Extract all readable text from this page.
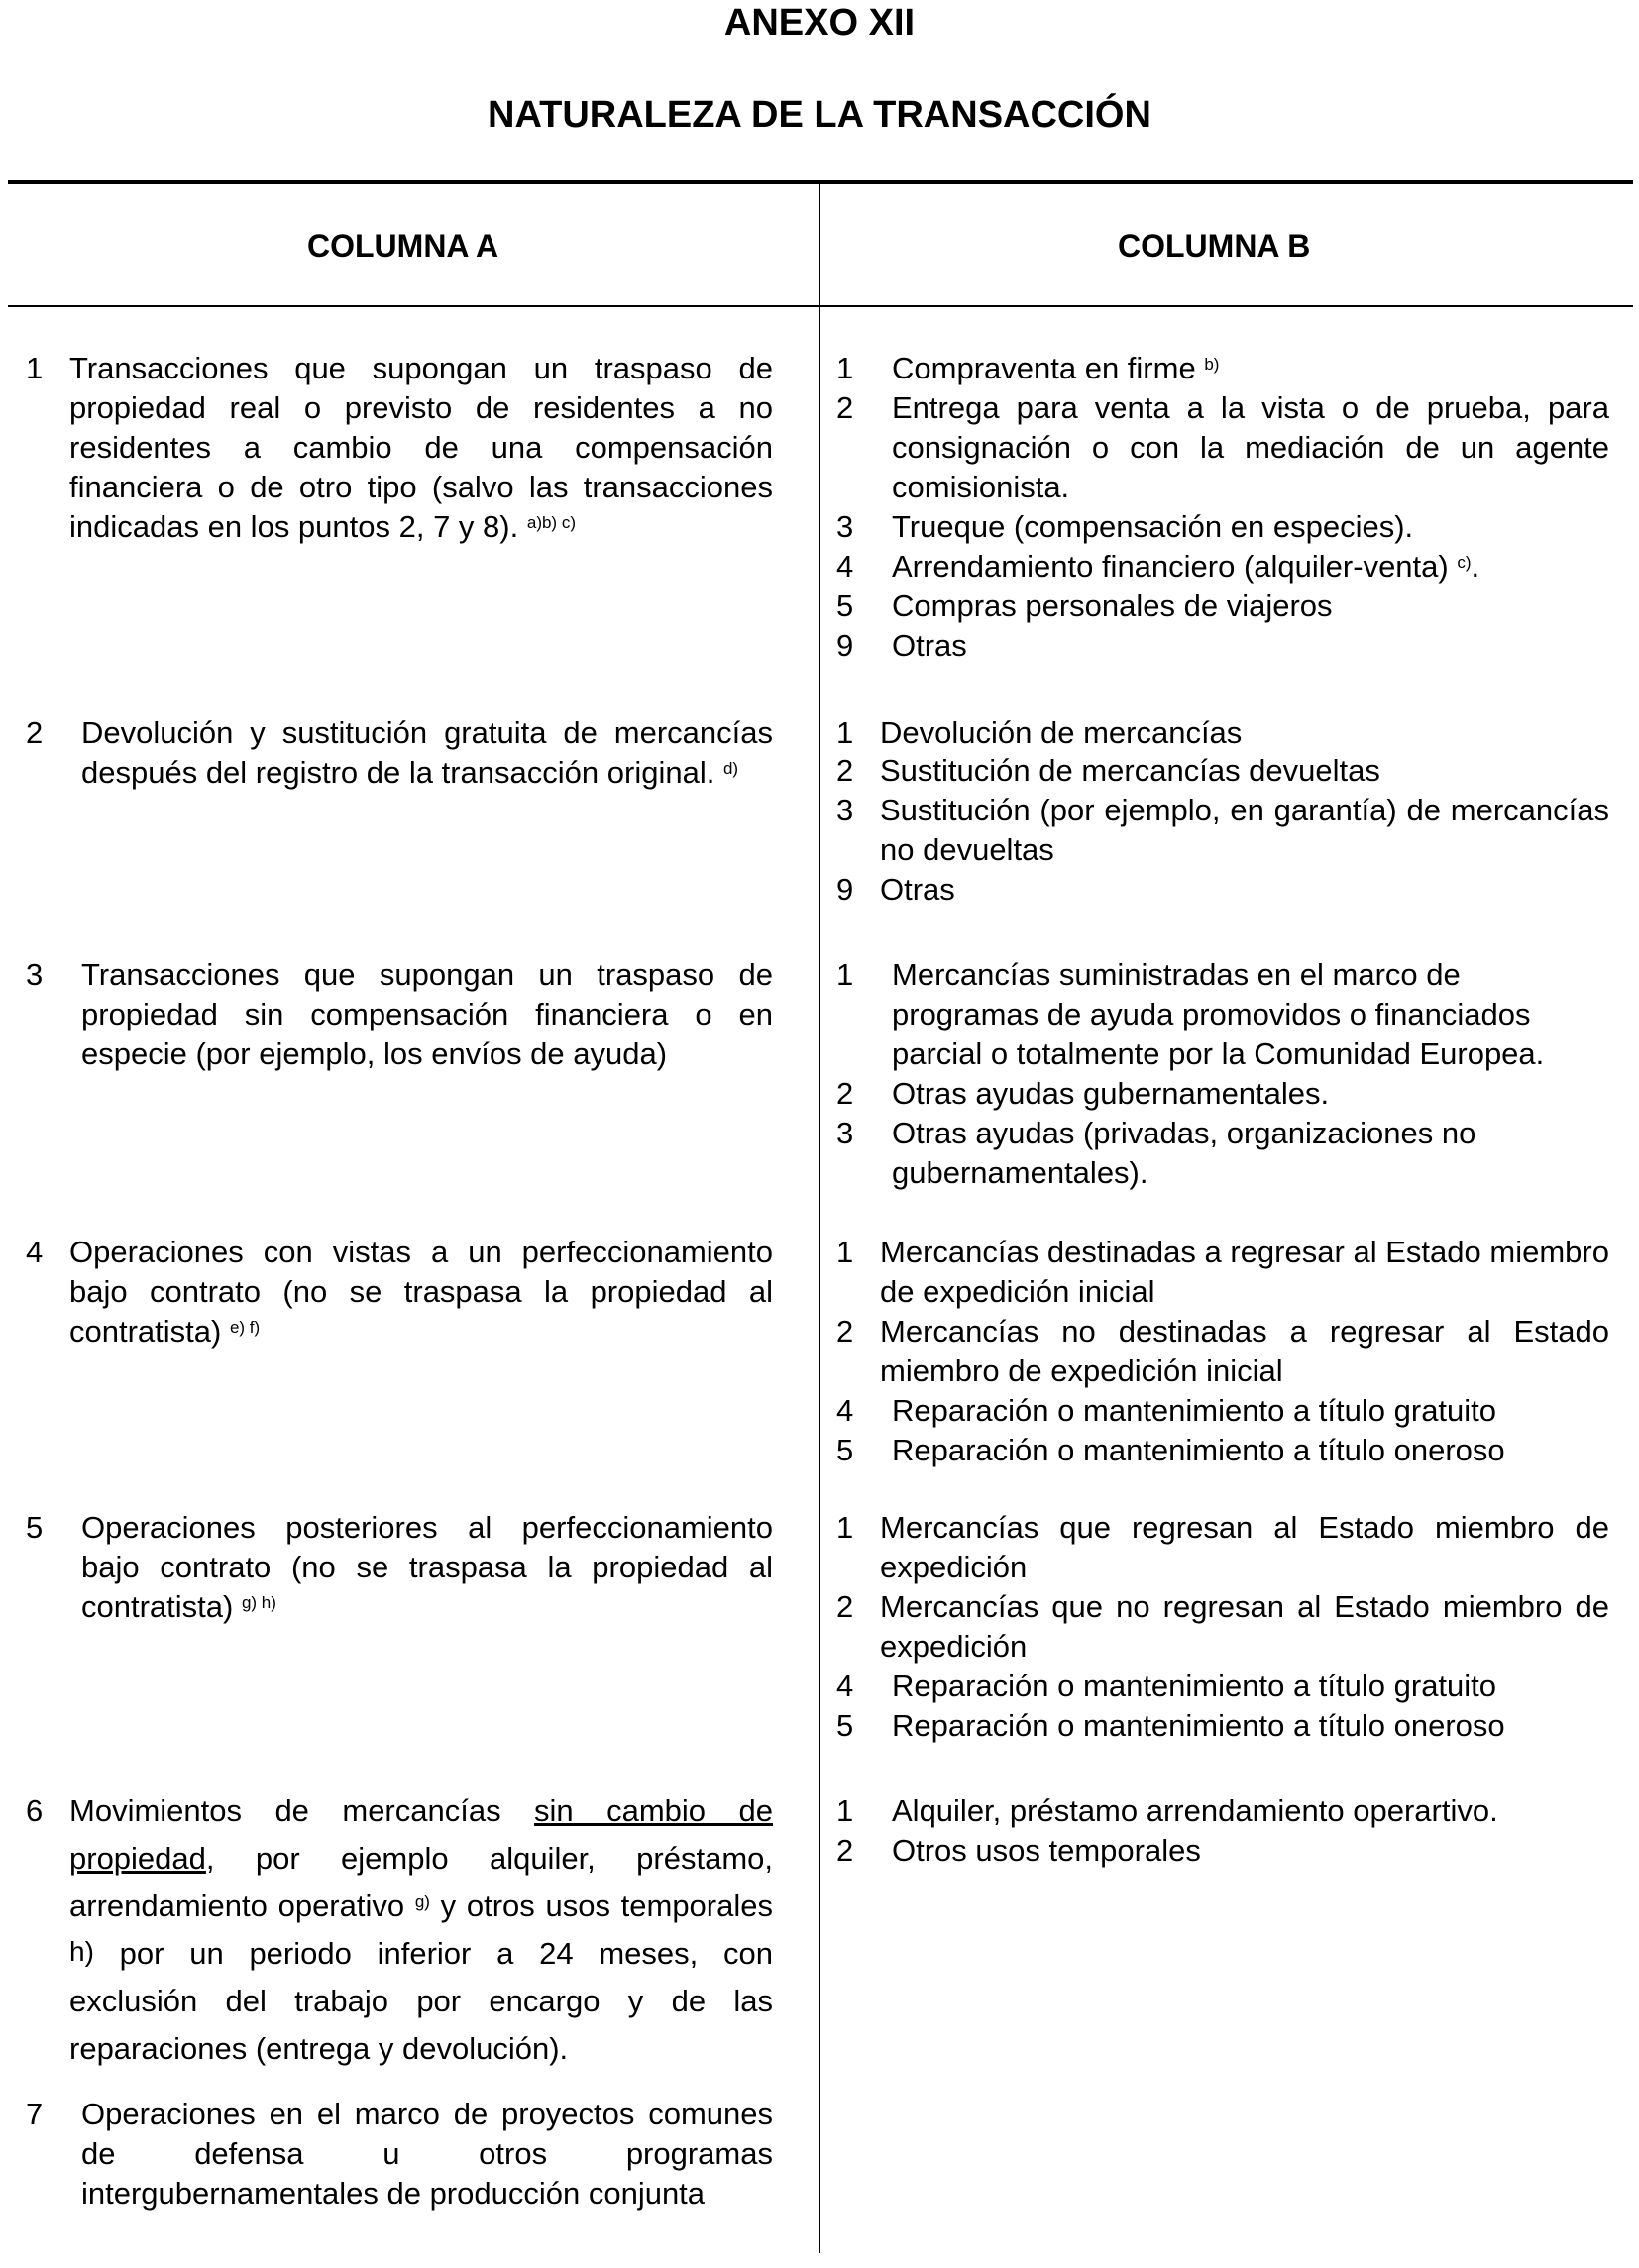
ANEXO XII
NATURALEZA DE LA TRANSACCIÓN
COLUMNA A	COLUMNA B
1 Transacciones que supongan un traspaso de propiedad real o previsto de residentes a no residentes a cambio de una compensación financiera o de otro tipo (salvo las transacciones indicadas en los puntos 2, 7 y 8). $^{a)b) c)}$
1 Compraventa en firme $^{b)}$
2 Entrega para venta a la vista o de prueba, para consignación o con la mediación de un agente comisionista.
3 Trueque (compensación en especies).
4 Arrendamiento financiero (alquiler-venta) $^{c)}$.
5 Compras personales de viajeros
9 Otras
2 Devolución y sustitución gratuita de mercancías después del registro de la transacción original. $^{d)}$
1 Devolución de mercancías
2 Sustitución de mercancías devueltas
3 Sustitución (por ejemplo, en garantía) de mercancías no devueltas
9 Otras
3 Transacciones que supongan un traspaso de propiedad sin compensación financiera o en especie (por ejemplo, los envíos de ayuda)
1 Mercancías suministradas en el marco de programas de ayuda promovidos o financiados parcial o totalmente por la Comunidad Europea.
2 Otras ayudas gubernamentales.
3 Otras ayudas (privadas, organizaciones no gubernamentales).
4 Operaciones con vistas a un perfeccionamiento bajo contrato (no se traspasa la propiedad al contratista) $^{e) f)}$
1 Mercancías destinadas a regresar al Estado miembro de expedición inicial
2 Mercancías no destinadas a regresar al Estado miembro de expedición inicial
4 Reparación o mantenimiento a título gratuito
5 Reparación o mantenimiento a título oneroso
5 Operaciones posteriores al perfeccionamiento bajo contrato (no se traspasa la propiedad al contratista) $^{g) h)}$
1 Mercancías que regresan al Estado miembro de expedición
2 Mercancías que no regresan al Estado miembro de expedición
4 Reparación o mantenimiento a título gratuito
5 Reparación o mantenimiento a título oneroso
6 Movimientos de mercancías sin cambio de propiedad, por ejemplo alquiler, préstamo, arrendamiento operativo $^{g)}$ y otros usos temporales $^{h)}$ por un periodo inferior a 24 meses, con exclusión del trabajo por encargo y de las reparaciones (entrega y devolución).
1 Alquiler, préstamo arrendamiento operartivo.
2 Otros usos temporales
7 Operaciones en el marco de proyectos comunes de defensa u otros programas intergubernamentales de producción conjunta
